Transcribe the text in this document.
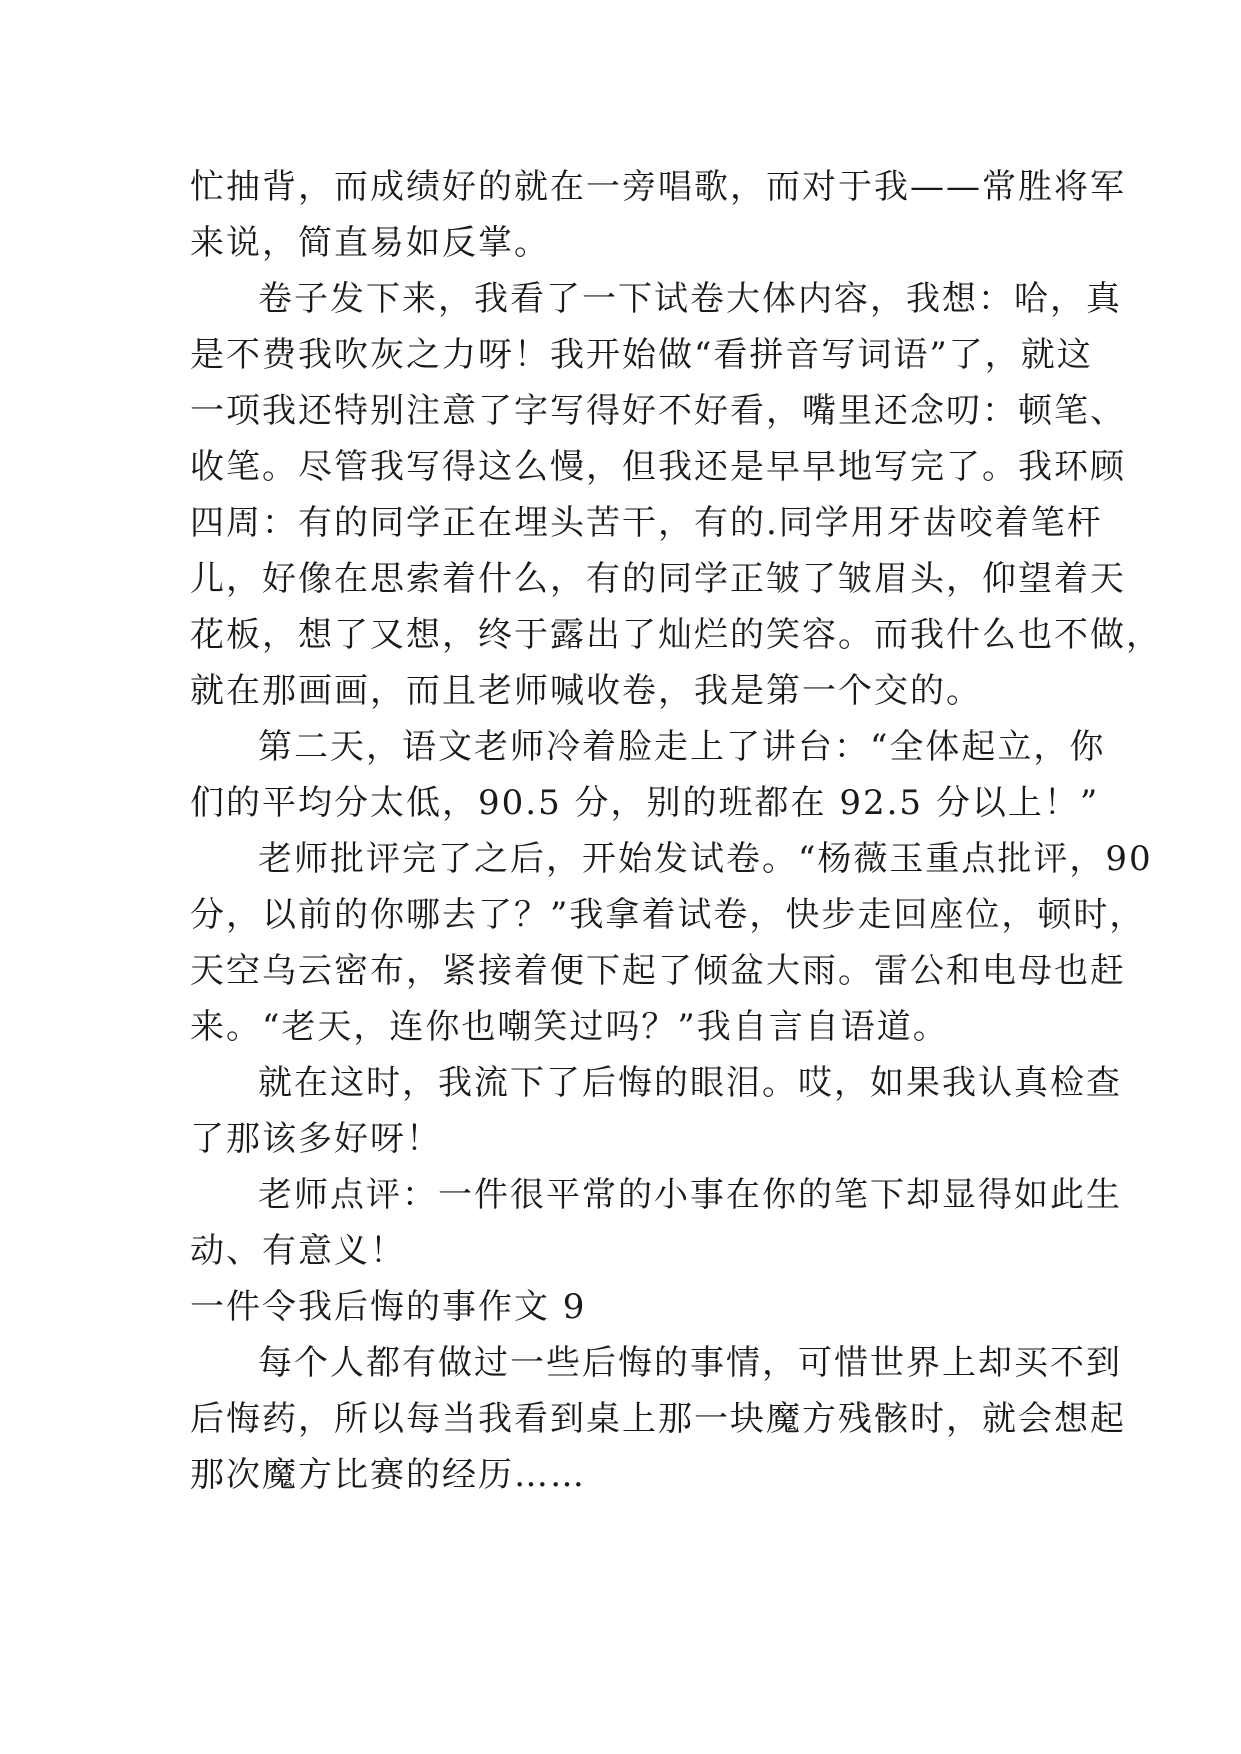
忙抽背，而成绩好的就在一旁唱歌，而对于我——常胜将军
来说，简直易如反掌。
卷子发下来，我看了一下试卷大体内容，我想：哈，真
是不费我吹灰之力呀！我开始做“看拼音写词语”了，就这
一项我还特别注意了字写得好不好看，嘴里还念叨：顿笔、
收笔。尽管我写得这么慢，但我还是早早地写完了。我环顾
四周：有的同学正在埋头苦干，有的.同学用牙齿咬着笔杆
儿，好像在思索着什么，有的同学正皱了皱眉头，仰望着天
花板，想了又想，终于露出了灿烂的笑容。而我什么也不做，
就在那画画，而且老师喊收卷，我是第一个交的。
第二天，语文老师冷着脸走上了讲台：“全体起立，你
们的平均分太低，90.5 分，别的班都在 92.5 分以上！”
老师批评完了之后，开始发试卷。“杨薇玉重点批评，90
分，以前的你哪去了？”我拿着试卷，快步走回座位，顿时，
天空乌云密布，紧接着便下起了倾盆大雨。雷公和电母也赶
来。“老天，连你也嘲笑过吗？”我自言自语道。
就在这时，我流下了后悔的眼泪。哎，如果我认真检查
了那该多好呀！
老师点评：一件很平常的小事在你的笔下却显得如此生
动、有意义！
一件令我后悔的事作文 9
每个人都有做过一些后悔的事情，可惜世界上却买不到
后悔药，所以每当我看到桌上那一块魔方残骸时，就会想起
那次魔方比赛的经历……
